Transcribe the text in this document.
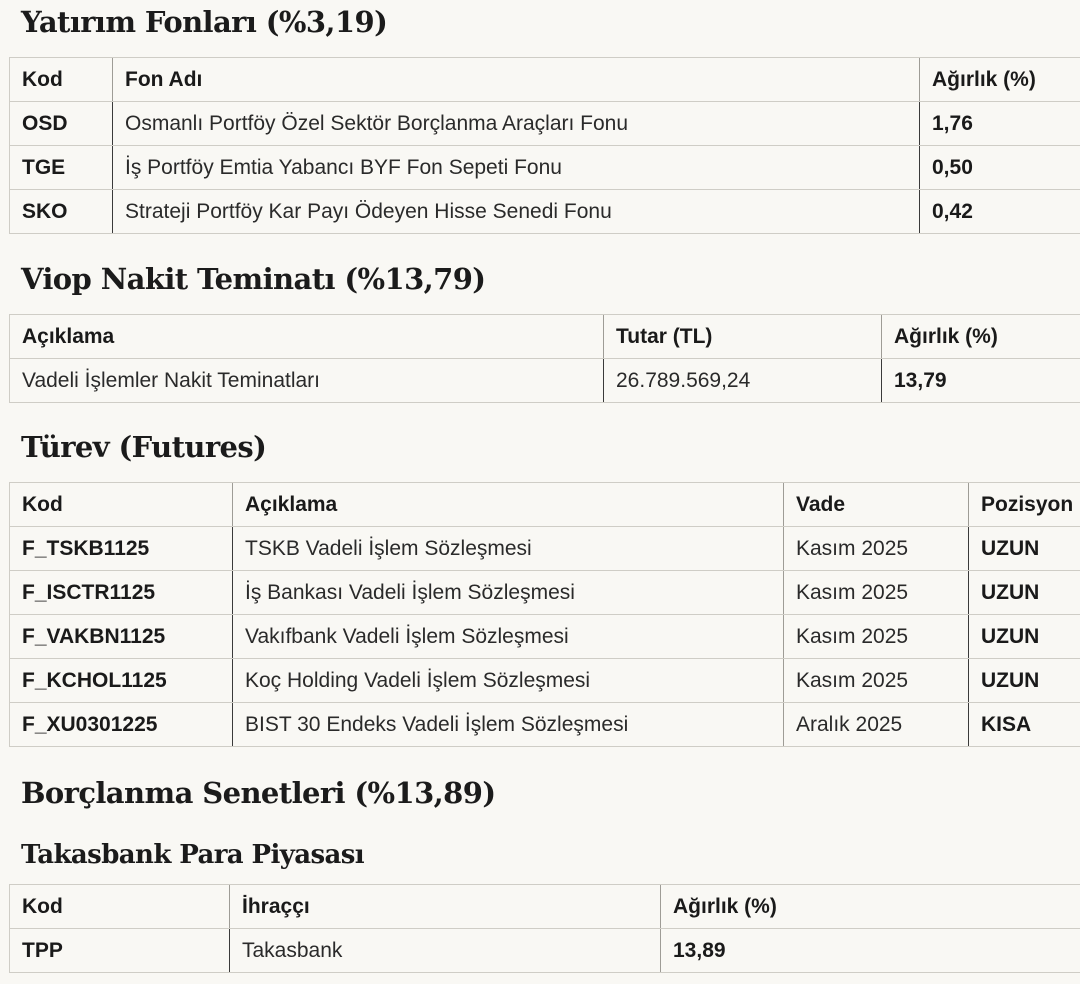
Yatırım Fonları (%3,19)
Kod	Fon Adı	Ağırlık (%)
OSD	Osmanlı Portföy Özel Sektör Borçlanma Araçları Fonu	1,76
TGE	İş Portföy Emtia Yabancı BYF Fon Sepeti Fonu	0,50
SKO	Strateji Portföy Kar Payı Ödeyen Hisse Senedi Fonu	0,42
Viop Nakit Teminatı (%13,79)
Açıklama	Tutar (TL)	Ağırlık (%)
Vadeli İşlemler Nakit Teminatları	26.789.569,24	13,79
Türev (Futures)
Kod	Açıklama	Vade	Pozisyon
F_TSKB1125	TSKB Vadeli İşlem Sözleşmesi	Kasım 2025	UZUN
F_ISCTR1125	İş Bankası Vadeli İşlem Sözleşmesi	Kasım 2025	UZUN
F_VAKBN1125	Vakıfbank Vadeli İşlem Sözleşmesi	Kasım 2025	UZUN
F_KCHOL1125	Koç Holding Vadeli İşlem Sözleşmesi	Kasım 2025	UZUN
F_XU0301225	BIST 30 Endeks Vadeli İşlem Sözleşmesi	Aralık 2025	KISA
Borçlanma Senetleri (%13,89)
Takasbank Para Piyasası
Kod	İhraççı	Ağırlık (%)
TPP	Takasbank	13,89
